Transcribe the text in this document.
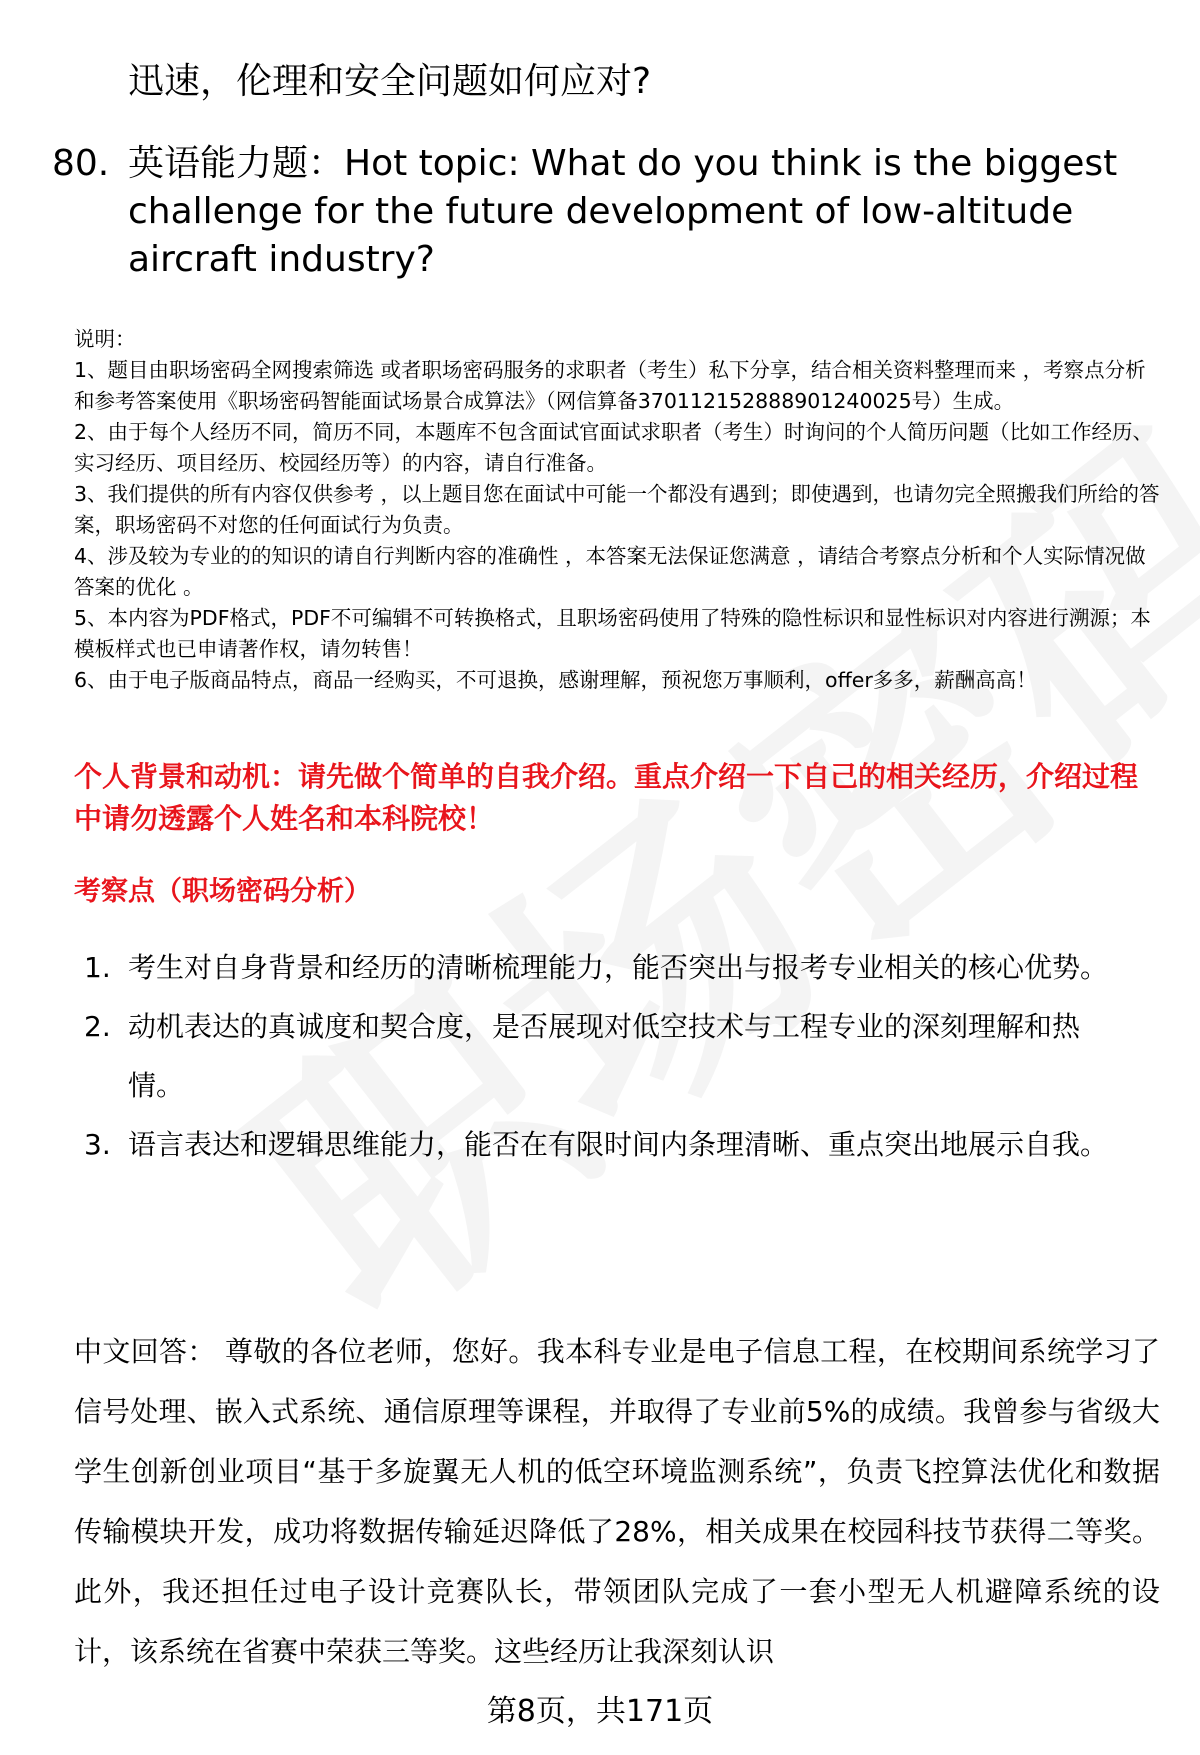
迅速，伦理和安全问题如何应对?

80. 英语能力题：Hot topic: What do you think is the biggest challenge for the future development of low-altitude aircraft industry?

说明：

1、题目由职场密码全网搜索筛选 或者职场密码服务的求职者（考生）私下分享，结合相关资料整理而来 ，考察点分析和参考答案使用《职场密码智能面试场景合成算法》（网信算备370112152888901240025号）生成。

2、由于每个人经历不同，简历不同，本题库不包含面试官面试求职者（考生）时询问的个人简历问题（比如工作经历、实习经历、项目经历、校园经历等）的内容，请自行准备。

3、我们提供的所有内容仅供参考 ，以上题目您在面试中可能一个都没有遇到；即使遇到，也请勿完全照搬我们所给的答案，职场密码不对您的任何面试行为负责。

4、涉及较为专业的的知识的请自行判断内容的准确性 ，本答案无法保证您满意 ，请结合考察点分析和个人实际情况做答案的优化 。

5、本内容为PDF格式，PDF不可编辑不可转换格式，且职场密码使用了特殊的隐性标识和显性标识对内容进行溯源；本模板样式也已申请著作权，请勿转售！

6、由于电子版商品特点，商品一经购买，不可退换，感谢理解，预祝您万事顺利，offer多多，薪酬高高！

个人背景和动机：请先做个简单的自我介绍。重点介绍一下自己的相关经历，介绍过程中请勿透露个人姓名和本科院校！

考察点（职场密码分析）

1. 考生对自身背景和经历的清晰梳理能力，能否突出与报考专业相关的核心优势。
2. 动机表达的真诚度和契合度，是否展现对低空技术与工程专业的深刻理解和热情。
3. 语言表达和逻辑思维能力，能否在有限时间内条理清晰、重点突出地展示自我。

中文回答： 尊敬的各位老师，您好。我本科专业是电子信息工程，在校期间系统学习了信号处理、嵌入式系统、通信原理等课程，并取得了专业前5%的成绩。我曾参与省级大学生创新创业项目“基于多旋翼无人机的低空环境监测系统”，负责飞控算法优化和数据传输模块开发，成功将数据传输延迟降低了28%，相关成果在校园科技节获得二等奖。此外，我还担任过电子设计竞赛队长，带领团队完成了一套小型无人机避障系统的设计，该系统在省赛中荣获三等奖。这些经历让我深刻认识

第8页，共171页
